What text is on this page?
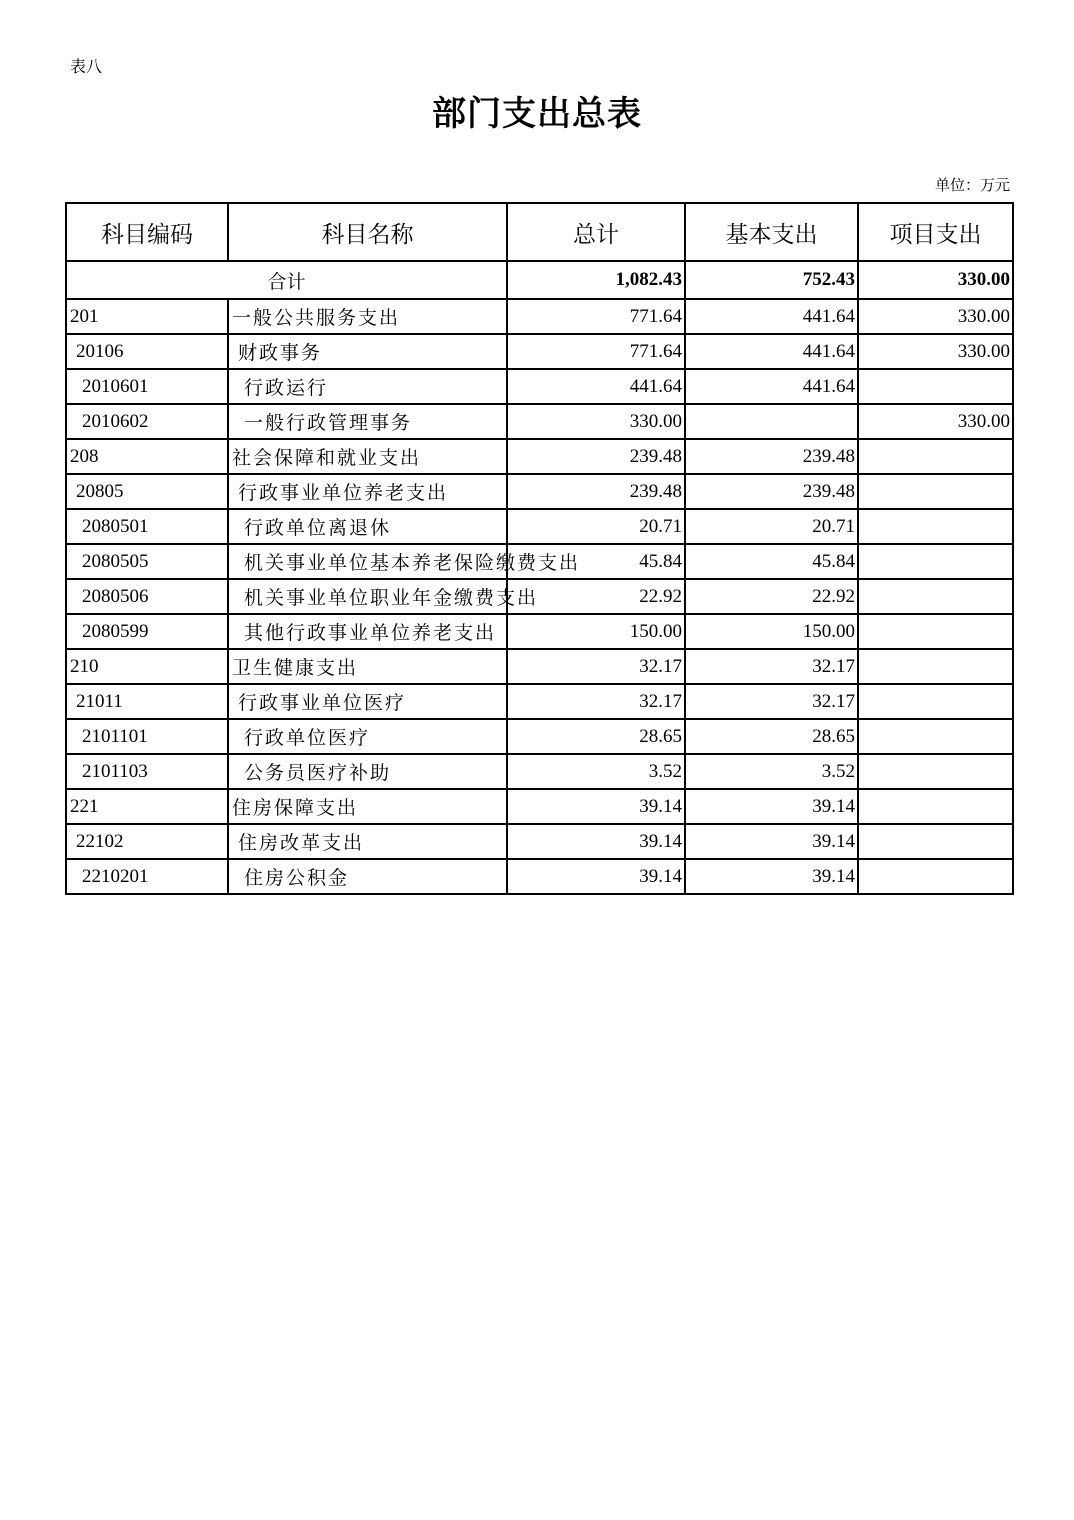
表八
部门支出总表
单位：万元
科目编码	科目名称	总计	基本支出	项目支出
合计		1,082.43	752.43	330.00
201	一般公共服务支出	771.64	441.64	330.00
20106	财政事务	771.64	441.64	330.00
2010601	行政运行	441.64	441.64	
2010602	一般行政管理事务	330.00		330.00
208	社会保障和就业支出	239.48	239.48	
20805	行政事业单位养老支出	239.48	239.48	
2080501	行政单位离退休	20.71	20.71	
2080505	机关事业单位基本养老保险缴费支出	45.84	45.84	
2080506	机关事业单位职业年金缴费支出	22.92	22.92	
2080599	其他行政事业单位养老支出	150.00	150.00	
210	卫生健康支出	32.17	32.17	
21011	行政事业单位医疗	32.17	32.17	
2101101	行政单位医疗	28.65	28.65	
2101103	公务员医疗补助	3.52	3.52	
221	住房保障支出	39.14	39.14	
22102	住房改革支出	39.14	39.14	
2210201	住房公积金	39.14	39.14	
